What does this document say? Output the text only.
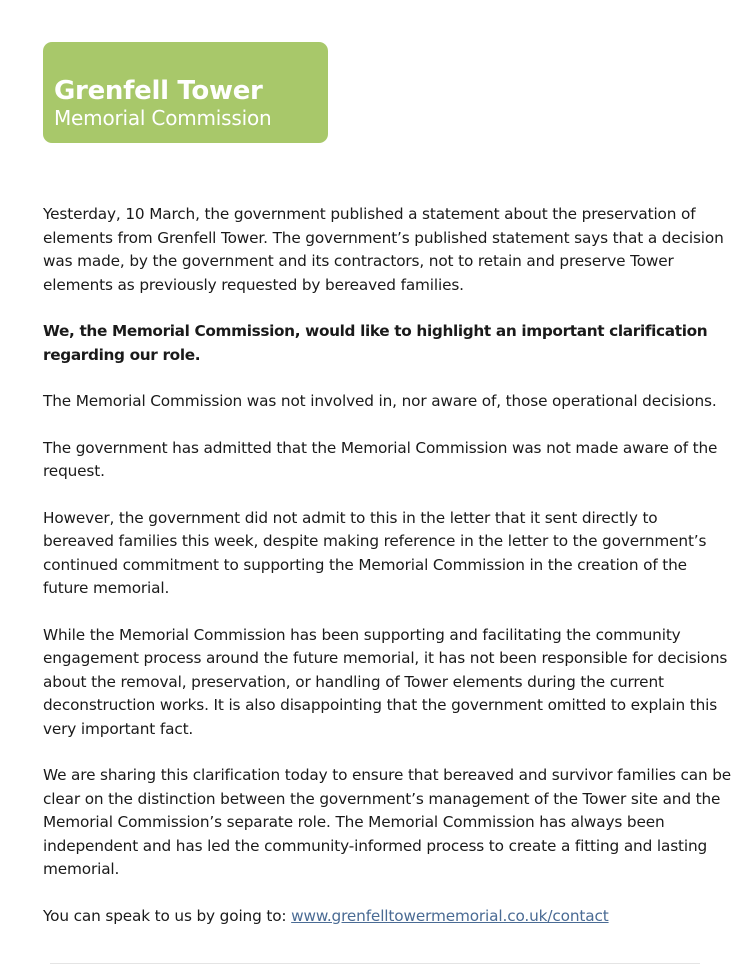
Grenfell Tower
Memorial Commission

Yesterday, 10 March, the government published a statement about the preservation of elements from Grenfell Tower. The government’s published statement says that a decision was made, by the government and its contractors, not to retain and preserve Tower elements as previously requested by bereaved families.

We, the Memorial Commission, would like to highlight an important clarification regarding our role.

The Memorial Commission was not involved in, nor aware of, those operational decisions.

The government has admitted that the Memorial Commission was not made aware of the request.

However, the government did not admit to this in the letter that it sent directly to bereaved families this week, despite making reference in the letter to the government’s continued commitment to supporting the Memorial Commission in the creation of the future memorial.

While the Memorial Commission has been supporting and facilitating the community engagement process around the future memorial, it has not been responsible for decisions about the removal, preservation, or handling of Tower elements during the current deconstruction works. It is also disappointing that the government omitted to explain this very important fact.

We are sharing this clarification today to ensure that bereaved and survivor families can be clear on the distinction between the government’s management of the Tower site and the Memorial Commission’s separate role. The Memorial Commission has always been independent and has led the community-informed process to create a fitting and lasting memorial.

You can speak to us by going to: www.grenfelltowermemorial.co.uk/contact
